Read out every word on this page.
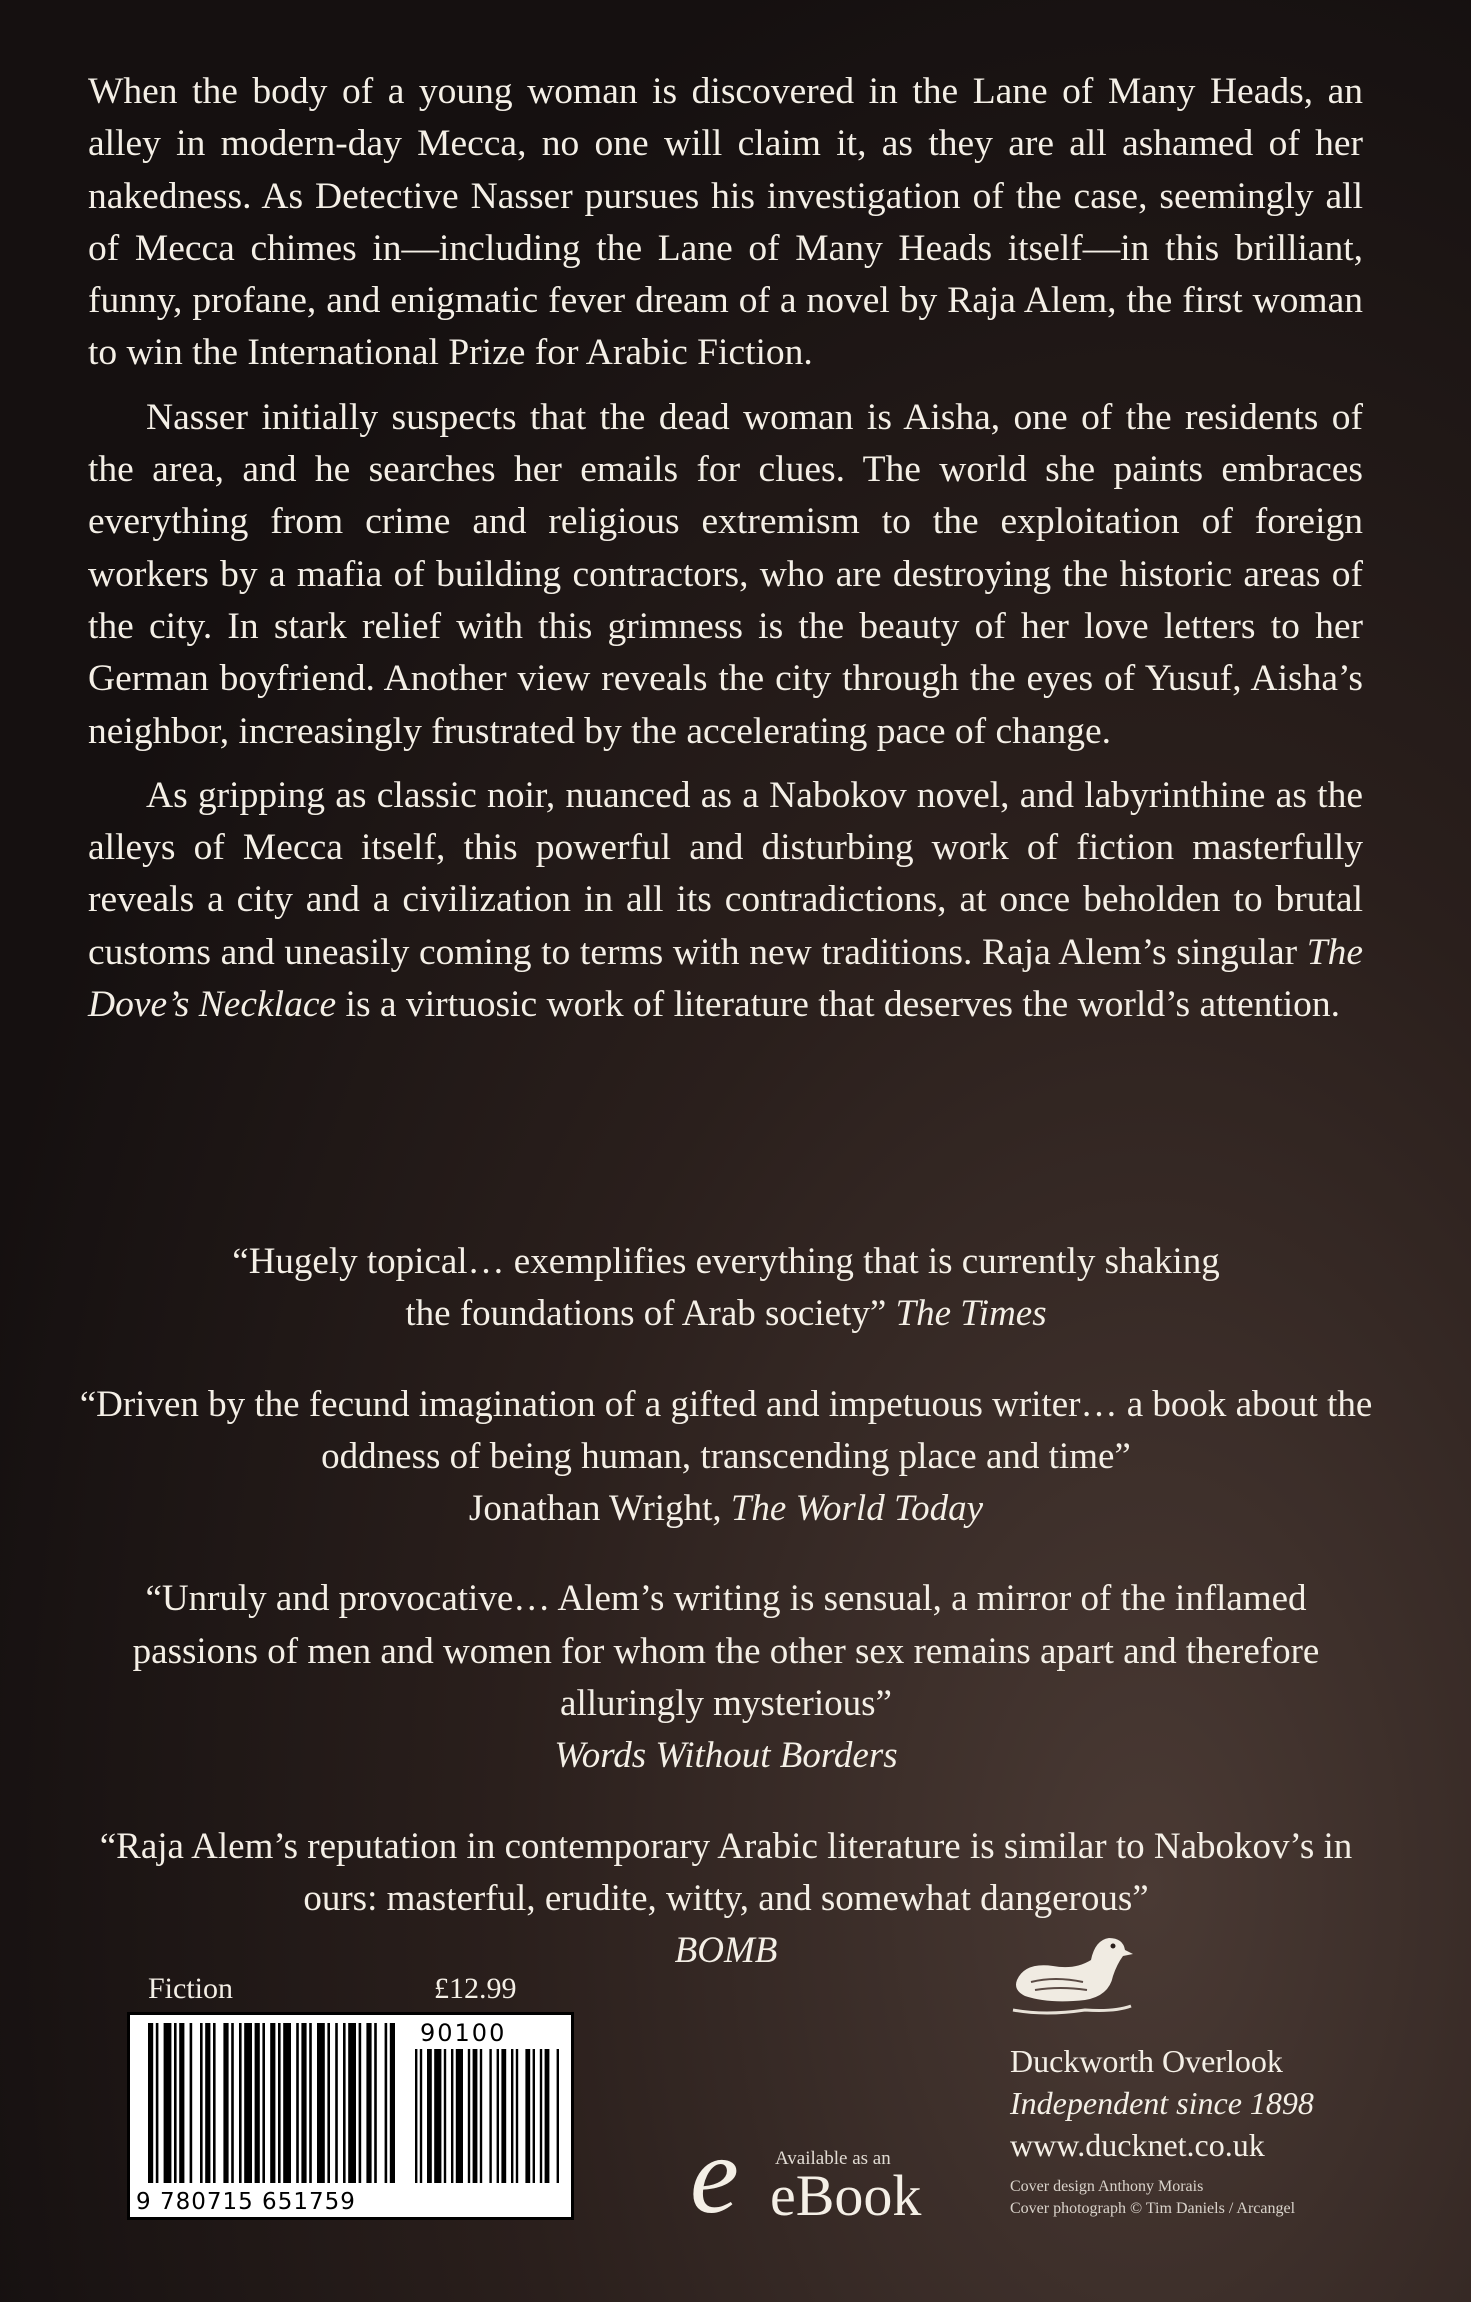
When the body of a young woman is discovered in the Lane of Many Heads, an alley in modern-day Mecca, no one will claim it, as they are all ashamed of her nakedness. As Detective Nasser pursues his investigation of the case, seemingly all of Mecca chimes in—including the Lane of Many Heads itself—in this brilliant, funny, profane, and enigmatic fever dream of a novel by Raja Alem, the first woman to win the International Prize for Arabic Fiction.

Nasser initially suspects that the dead woman is Aisha, one of the residents of the area, and he searches her emails for clues. The world she paints embraces everything from crime and religious extremism to the exploitation of foreign workers by a mafia of building contractors, who are destroying the historic areas of the city. In stark relief with this grimness is the beauty of her love letters to her German boyfriend. Another view reveals the city through the eyes of Yusuf, Aisha’s neighbor, increasingly frustrated by the accelerating pace of change.

As gripping as classic noir, nuanced as a Nabokov novel, and labyrinthine as the alleys of Mecca itself, this powerful and disturbing work of fiction masterfully reveals a city and a civilization in all its contradictions, at once beholden to brutal customs and uneasily coming to terms with new traditions. Raja Alem’s singular The Dove’s Necklace is a virtuosic work of literature that deserves the world’s attention.

“Hugely topical… exemplifies everything that is currently shaking
the foundations of Arab society” The Times
“Driven by the fecund imagination of a gifted and impetuous writer… a book about the oddness of being human, transcending place and time”
Jonathan Wright, The World Today
“Unruly and provocative… Alem’s writing is sensual, a mirror of the inflamed passions of men and women for whom the other sex remains apart and therefore alluringly mysterious”
Words Without Borders
“Raja Alem’s reputation in contemporary Arabic literature is similar to Nabokov’s in ours: masterful, erudite, witty, and somewhat dangerous”
BOMB
Fiction	£12.99
90100
9 780715 651759	e Available as an
eBook
Duckworth Overlook
Independent since 1898
www.ducknet.co.uk
Cover design Anthony Morais
Cover photograph © Tim Daniels / Arcangel
